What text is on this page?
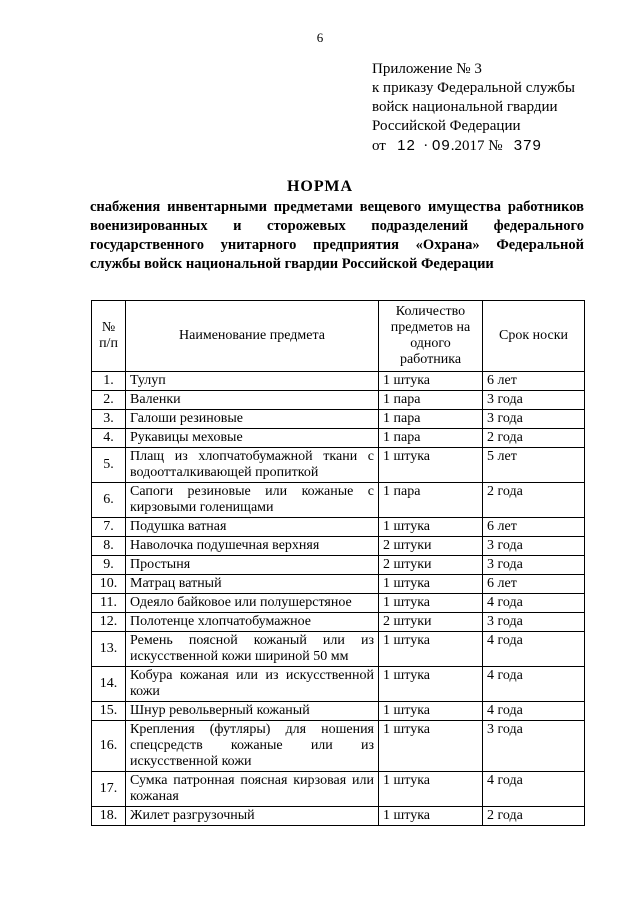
6
Приложение № 3
к приказу Федеральной службы
войск национальной гвардии
Российской Федерации
от 12  · 09.2017 № 379
НОРМА
снабжения инвентарными предметами вещевого имущества работников военизированных и сторожевых подразделений федерального государственного унитарного предприятия «Охрана» Федеральной службы войск национальной гвардии Российской Федерации
№ п/п	Наименование предмета	Количество предметов на одного работника	Срок носки
1.	Тулуп	1 штука	6 лет
2.	Валенки	1 пара	3 года
3.	Галоши резиновые	1 пара	3 года
4.	Рукавицы меховые	1 пара	2 года
5.	Плащ из хлопчатобумажной ткани с водоотталкивающей пропиткой	1 штука	5 лет
6.	Сапоги резиновые или кожаные с кирзовыми голенищами	1 пара	2 года
7.	Подушка ватная	1 штука	6 лет
8.	Наволочка подушечная верхняя	2 штуки	3 года
9.	Простыня	2 штуки	3 года
10.	Матрац ватный	1 штука	6 лет
11.	Одеяло байковое или полушерстяное	1 штука	4 года
12.	Полотенце хлопчатобумажное	2 штуки	3 года
13.	Ремень поясной кожаный или из искусственной кожи шириной 50 мм	1 штука	4 года
14.	Кобура кожаная или из искусственной кожи	1 штука	4 года
15.	Шнур револьверный кожаный	1 штука	4 года
16.	Крепления (футляры) для ношения спецсредств кожаные или из искусственной кожи	1 штука	3 года
17.	Сумка патронная поясная кирзовая или кожаная	1 штука	4 года
18.	Жилет разгрузочный	1 штука	2 года
